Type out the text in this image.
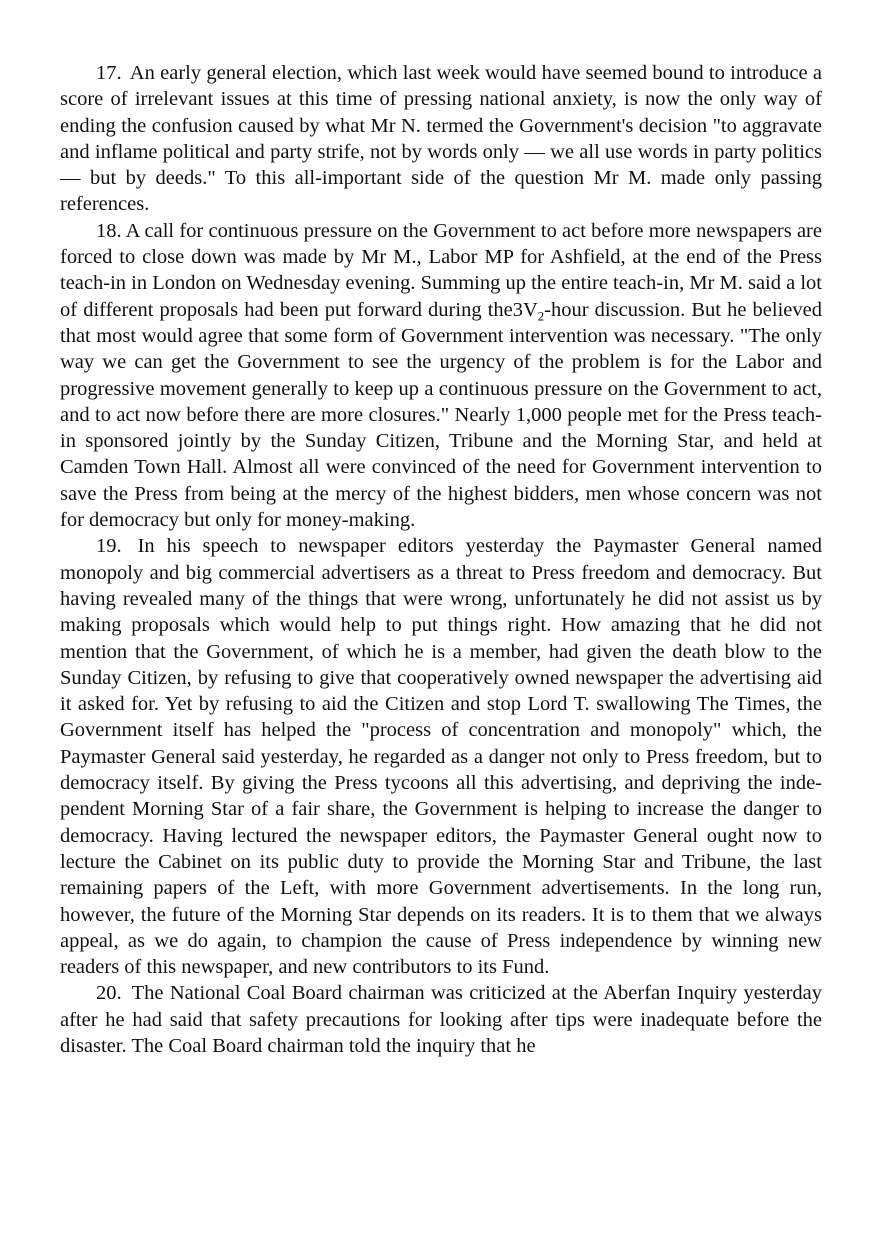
17. An early general election, which last week would have seemed bound to introduce a score of irrelevant issues at this time of pressing national anxiety, is now the only way of ending the confusion caused by what Mr N. termed the Government's decision "to aggravate and inflame political and party strife, not by words only — we all use words in party politics — but by deeds." To this all-important side of the question Mr M. made only passing references.

18. A call for continuous pressure on the Government to act before more newspapers are forced to close down was made by Mr M., Labor MP for Ashfield, at the end of the Press teach-in in London on Wednesday evening. Summing up the entire teach-in, Mr M. said a lot of different proposals had been put forward during $the3V_2$-hour discussion. But he believed that most would agree that some form of Government intervention was necessary. "The only way we can get the Government to see the urgency of the problem is for the Labor and progressive movement generally to keep up a continuous pressure on the Government to act, and to act now before there are more closures." Nearly 1,000 people met for the Press teach-in sponsored jointly by the Sunday Citizen, Tribune and the Morning Star, and held at Camden Town Hall. Almost all were convinced of the need for Government intervention to save the Press from being at the mercy of the highest bidders, men whose concern was not for democracy but only for money-making.

19. In his speech to newspaper editors yesterday the Paymaster General named monopoly and big commercial advertisers as a threat to Press freedom and democracy. But having revealed many of the things that were wrong, unfortunately he did not assist us by making proposals which would help to put things right. How amazing that he did not mention that the Government, of which he is a member, had given the death blow to the Sunday Citizen, by refusing to give that cooperatively owned newspaper the advertising aid it asked for. Yet by refusing to aid the Citizen and stop Lord T. swallowing The Times, the Government itself has helped the "process of concentration and monopoly" which, the Paymaster General said yesterday, he regarded as a danger not only to Press freedom, but to democracy itself. By giving the Press tycoons all this advertising, and depriving the independent Morning Star of a fair share, the Government is helping to increase the danger to democracy. Having lectured the newspaper editors, the Paymaster General ought now to lecture the Cabinet on its public duty to provide the Morning Star and Tribune, the last remaining papers of the Left, with more Government advertisements. In the long run, however, the future of the Morning Star depends on its readers. It is to them that we always appeal, as we do again, to champion the cause of Press independence by winning new readers of this newspaper, and new contributors to its Fund.

20. The National Coal Board chairman was criticized at the Aberfan Inquiry yesterday after he had said that safety precautions for looking after tips were inadequate before the disaster. The Coal Board chairman told the inquiry that he
